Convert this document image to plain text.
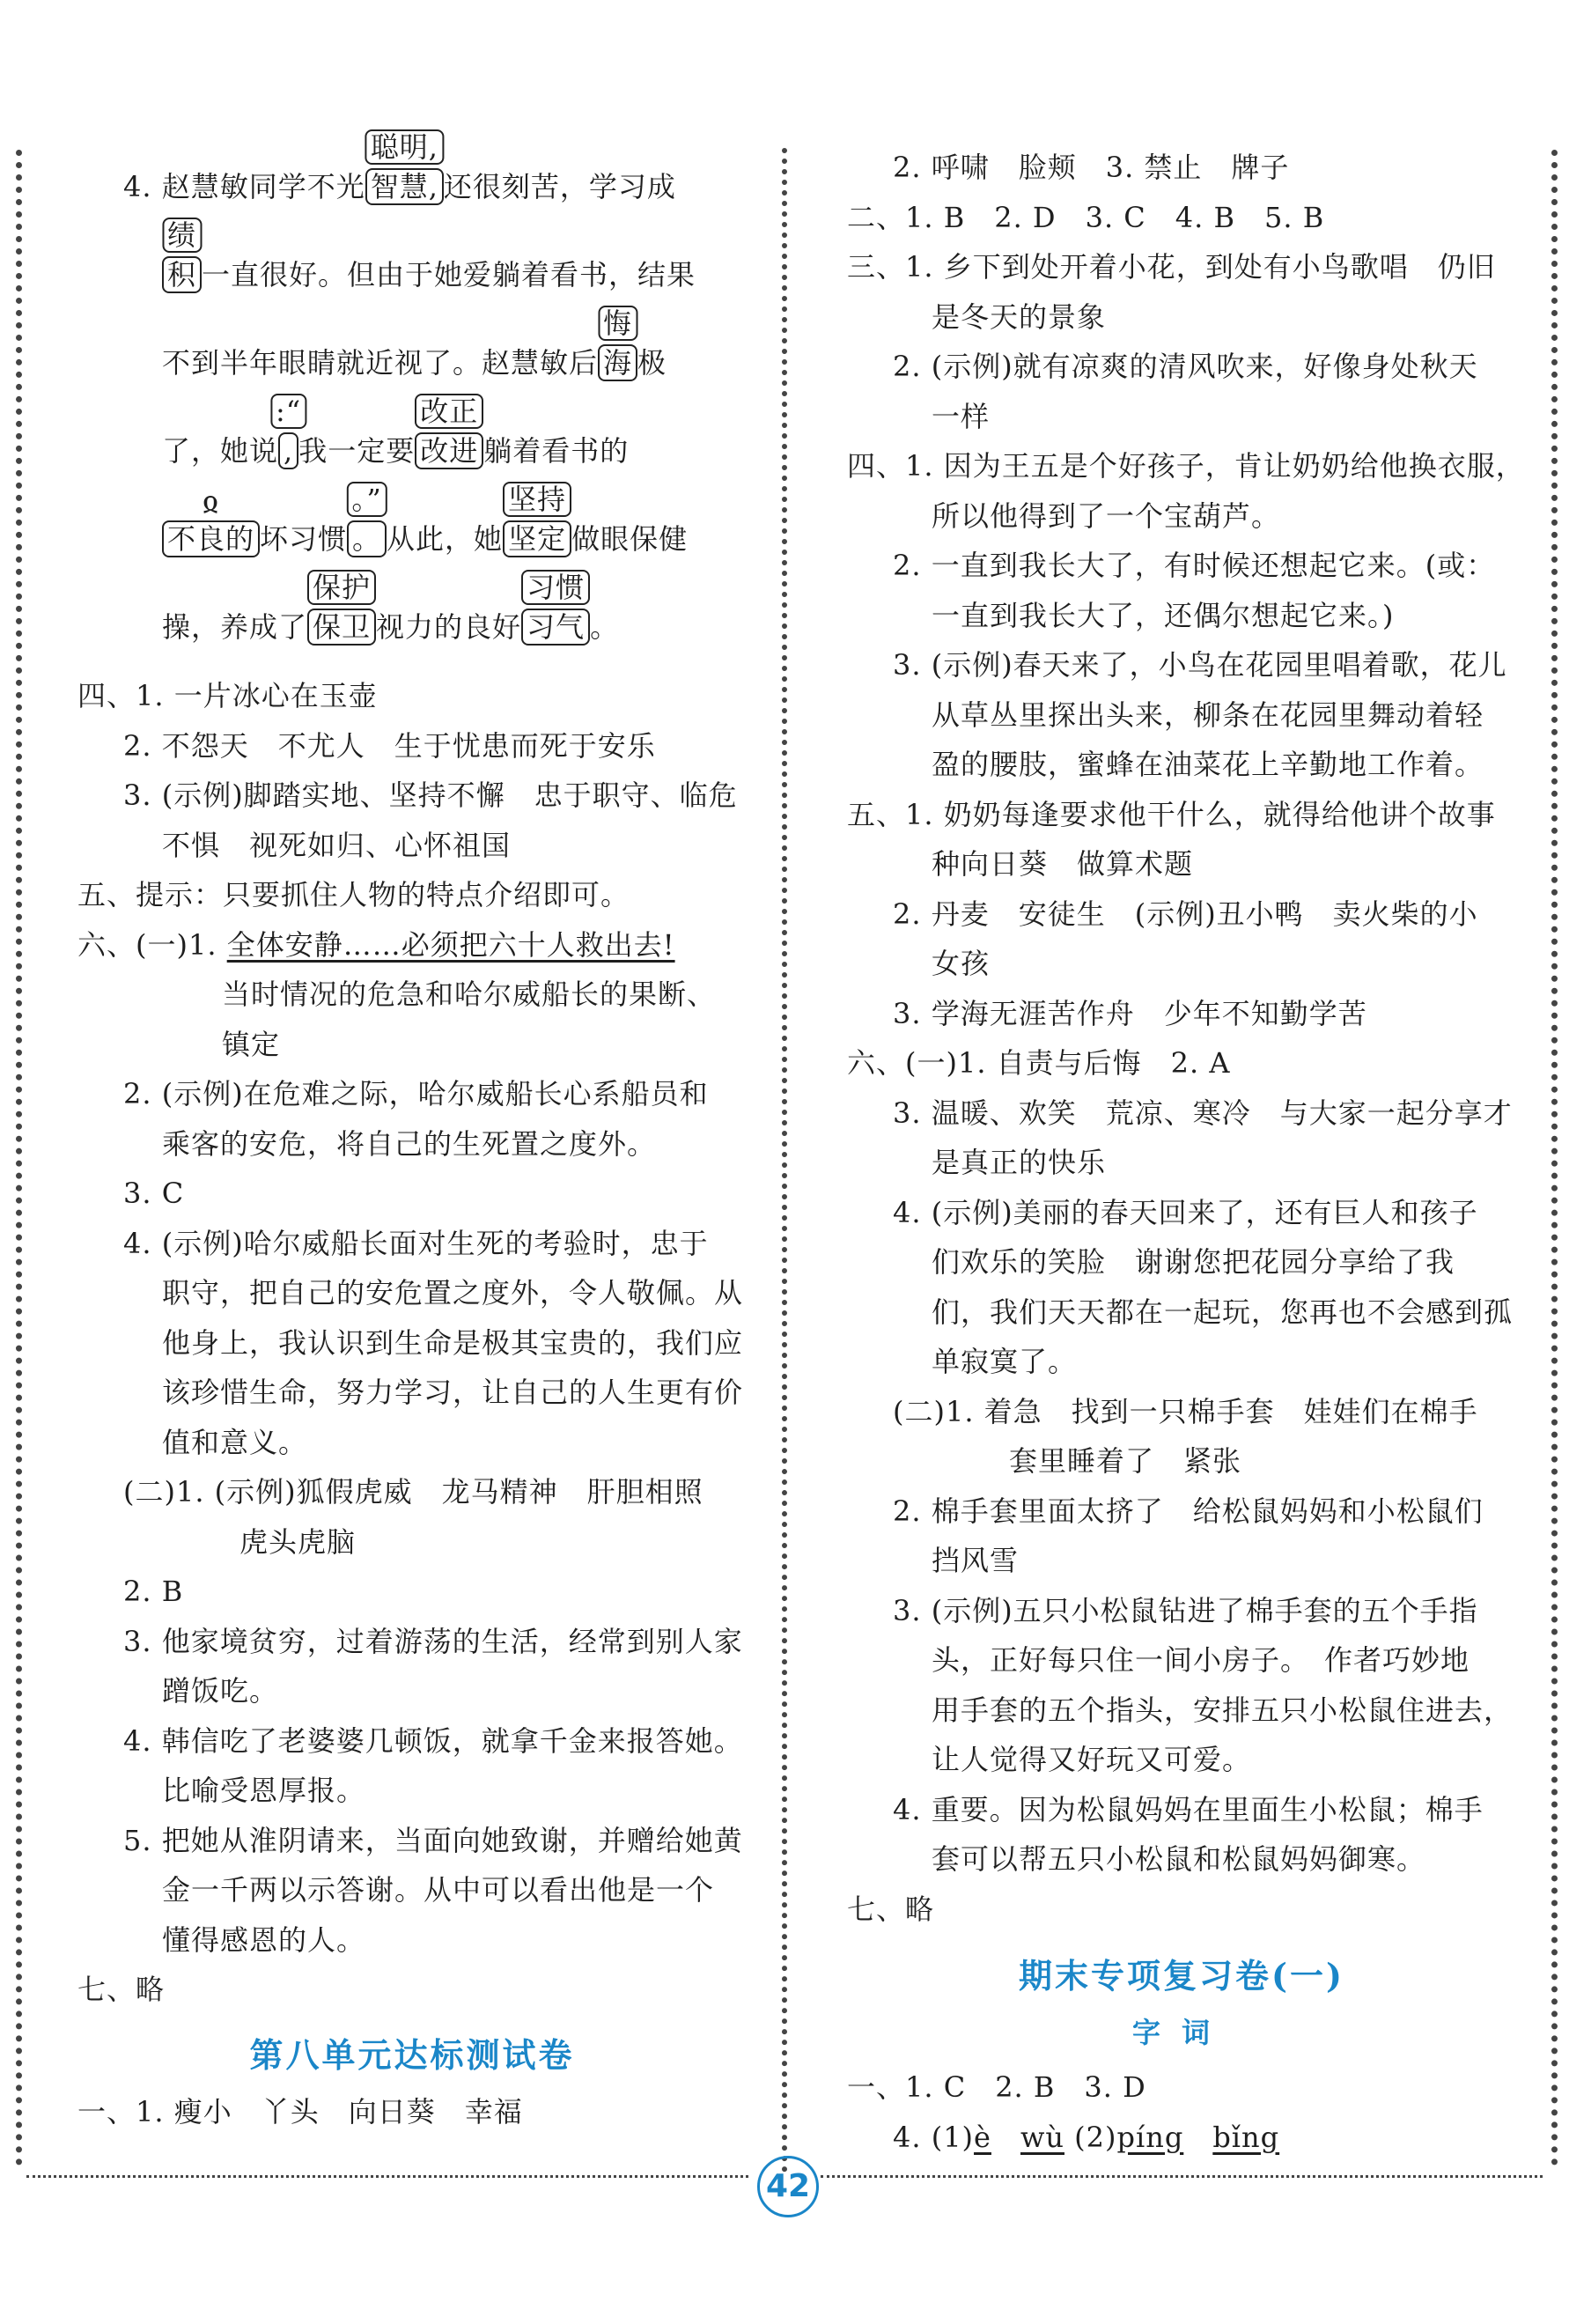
4. 赵慧敏同学不光
聪明,
智慧, 还很刻苦，学习成
绩
积 一直很好。但由于她爱躺着看书，结果
不到半年眼睛就近视了。赵慧敏后
悔
海 极
了，她说
:“
, 我一定要
改正
改进 躺着看书的
ჲ
不良的 坏习惯
。”
。 从此，她
坚持
坚定 做眼保健
操，养成了
保护
保卫 视力的良好
习惯
习气 。
四、1. 一片冰心在玉壶
2. 不怨天　不尤人　生于忧患而死于安乐
3. (示例)脚踏实地、坚持不懈　忠于职守、临危
不惧　视死如归、心怀祖国
五、提示：只要抓住人物的特点介绍即可。
六、(一)1. 全体安静……必须把六十人救出去!
当时情况的危急和哈尔威船长的果断、
镇定
2. (示例)在危难之际，哈尔威船长心系船员和
乘客的安危，将自己的生死置之度外。
3. C
4. (示例)哈尔威船长面对生死的考验时，忠于
职守，把自己的安危置之度外，令人敬佩。从
他身上，我认识到生命是极其宝贵的，我们应
该珍惜生命，努力学习，让自己的人生更有价
值和意义。
(二)1. (示例)狐假虎威　龙马精神　肝胆相照
虎头虎脑
2. B
3. 他家境贫穷，过着游荡的生活，经常到别人家
蹭饭吃。
4. 韩信吃了老婆婆几顿饭，就拿千金来报答她。
比喻受恩厚报。
5. 把她从淮阴请来，当面向她致谢，并赠给她黄
金一千两以示答谢。从中可以看出他是一个
懂得感恩的人。
七、略
第八单元达标测试卷
一、1. 瘦小　丫头　向日葵　幸福
2. 呼啸　脸颊　3. 禁止　牌子
二、1. B　2. D　3. C　4. B　5. B
三、1. 乡下到处开着小花，到处有小鸟歌唱　仍旧
是冬天的景象
2. (示例)就有凉爽的清风吹来，好像身处秋天
一样
四、1. 因为王五是个好孩子，肯让奶奶给他换衣服，
所以他得到了一个宝葫芦。
2. 一直到我长大了，有时候还想起它来。(或：
一直到我长大了，还偶尔想起它来。)
3. (示例)春天来了，小鸟在花园里唱着歌，花儿
从草丛里探出头来，柳条在花园里舞动着轻
盈的腰肢，蜜蜂在油菜花上辛勤地工作着。
五、1. 奶奶每逢要求他干什么，就得给他讲个故事
种向日葵　做算术题
2. 丹麦　安徒生　(示例)丑小鸭　卖火柴的小
女孩
3. 学海无涯苦作舟　少年不知勤学苦
六、(一)1. 自责与后悔　2. A
3. 温暖、欢笑　荒凉、寒冷　与大家一起分享才
是真正的快乐
4. (示例)美丽的春天回来了，还有巨人和孩子
们欢乐的笑脸　谢谢您把花园分享给了我
们，我们天天都在一起玩，您再也不会感到孤
单寂寞了。
(二)1. 着急　找到一只棉手套　娃娃们在棉手
套里睡着了　紧张
2. 棉手套里面太挤了　给松鼠妈妈和小松鼠们
挡风雪
3. (示例)五只小松鼠钻进了棉手套的五个手指
头，正好每只住一间小房子。　作者巧妙地
用手套的五个指头，安排五只小松鼠住进去，
让人觉得又好玩又可爱。
4. 重要。因为松鼠妈妈在里面生小松鼠；棉手
套可以帮五只小松鼠和松鼠妈妈御寒。
七、略
期末专项复习卷(一)
字词
一、1. C　2. B　3. D
4. (1)è　 wù (2)píng　 bǐng
42
